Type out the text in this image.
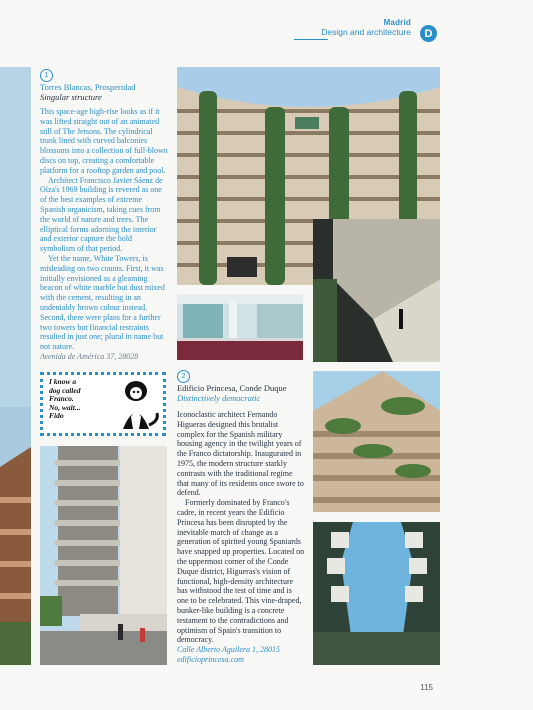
Madrid
Design and architecture	D
1
Torres Blancas, Prosperidad
Singular structure

This space-age high-rise looks as if it was lifted straight out of an animated still of The Jetsons. The cylindrical trunk lined with curved balconies blossoms into a collection of full-blown discs on top, creating a comfortable platform for a rooftop garden and pool.

Architect Francisco Javier Sáenz de Oíza's 1969 building is revered as one of the best examples of extreme Spanish organicism, taking cues from the world of nature and trees. The elliptical forms adorning the interior and exterior capture the bold symbolism of that period.

Yet the name, White Towers, is misleading on two counts. First, it was initially envisioned as a gleaming beacon of white marble but dust mixed with the cement, resulting in an undeniably brown colour instead. Second, there were plans for a further two towers but financial restraints resulted in just one; plural in name but not nature.

Avenida de América 37, 28028
I know a
dog called
Franco.
No, wait...
Fido
2
Edificio Princesa, Conde Duque
Distinctively democratic

Iconoclastic architect Fernando Higueras designed this brutalist complex for the Spanish military housing agency in the twilight years of the Franco dictatorship. Inaugurated in 1975, the modern structure starkly contrasts with the traditional regime that many of its residents once swore to defend.

Formerly dominated by Franco's cadre, in recent years the Edificio Princesa has been disrupted by the inevitable march of change as a generation of spirited young Spaniards have snapped up properties. Located on the uppermost corner of the Conde Duque district, Higueras's vision of functional, high-density architecture has withstood the test of time and is one to be celebrated. This vine-draped, bunker-like building is a concrete testament to the contradictions and optimism of Spain's transition to democracy.

Calle Alberto Aguilera 1, 28015
edificioprincesa.com
115
